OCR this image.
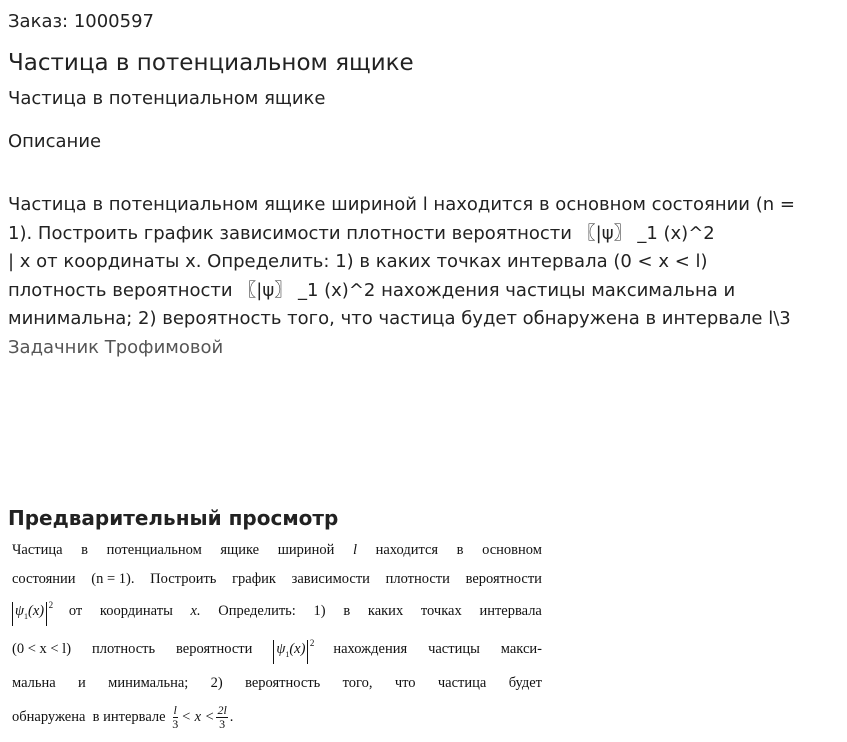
Заказ: 1000597
Частица в потенциальном ящике
Частица в потенциальном ящике
Описание
Частица в потенциальном ящике шириной l находится в основном состоянии (n =
1). Построить график зависимости плотности вероятности 〖|ψ〗 _1 (x)^2
| x от координаты x. Определить: 1) в каких точках интервала (0 < x < l)
плотность вероятности 〖|ψ〗 _1 (x)^2 нахождения частицы максимальна и
минимальна; 2) вероятность того, что частица будет обнаружена в интервале l\3
Задачник Трофимовой
Предварительный просмотр
Частица в потенциальном ящике шириной l находится в основном
состоянии (n = 1). Построить график зависимости плотности вероятности
$\psi_1(x)$ 2 от координаты x. Определить: 1) в каких точках интервала
(0 < x < l) плотность вероятности $\psi_1(x)$ 2 нахождения частицы макси-
мальна и минимальна; 2) вероятность того, что частица будет
обнаружена  в интервале $\frac{l}{3} < x < \frac{2l}{3}$ .
